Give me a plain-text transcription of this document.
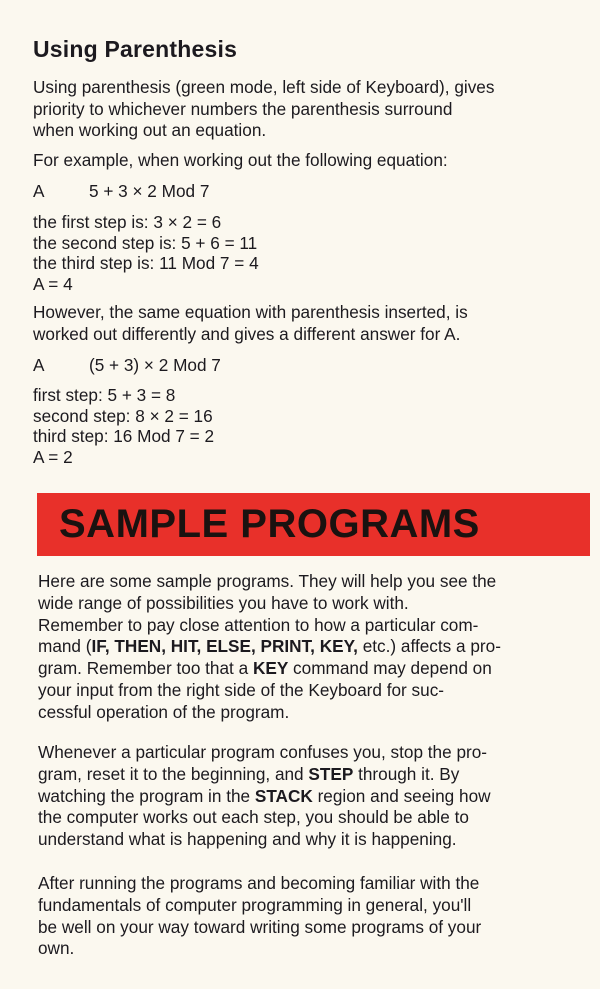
Using Parenthesis
Using parenthesis (green mode, left side of Keyboard), gives
priority to whichever numbers the parenthesis surround
when working out an equation.
For example, when working out the following equation:
A	5 + 3 × 2 Mod 7
the first step is: 3 × 2 = 6
the second step is: 5 + 6 = 11
the third step is: 11 Mod 7 = 4
A = 4
However, the same equation with parenthesis inserted, is
worked out differently and gives a different answer for A.
A	(5 + 3) × 2 Mod 7
first step: 5 + 3 = 8
second step: 8 × 2 = 16
third step: 16 Mod 7 = 2
A = 2
SAMPLE PROGRAMS
Here are some sample programs. They will help you see the
wide range of possibilities you have to work with.
Remember to pay close attention to how a particular com-
mand (IF, THEN, HIT, ELSE, PRINT, KEY, etc.) affects a pro-
gram. Remember too that a KEY command may depend on
your input from the right side of the Keyboard for suc-
cessful operation of the program.
Whenever a particular program confuses you, stop the pro-
gram, reset it to the beginning, and STEP through it. By
watching the program in the STACK region and seeing how
the computer works out each step, you should be able to
understand what is happening and why it is happening.
After running the programs and becoming familiar with the
fundamentals of computer programming in general, you'll
be well on your way toward writing some programs of your
own.
